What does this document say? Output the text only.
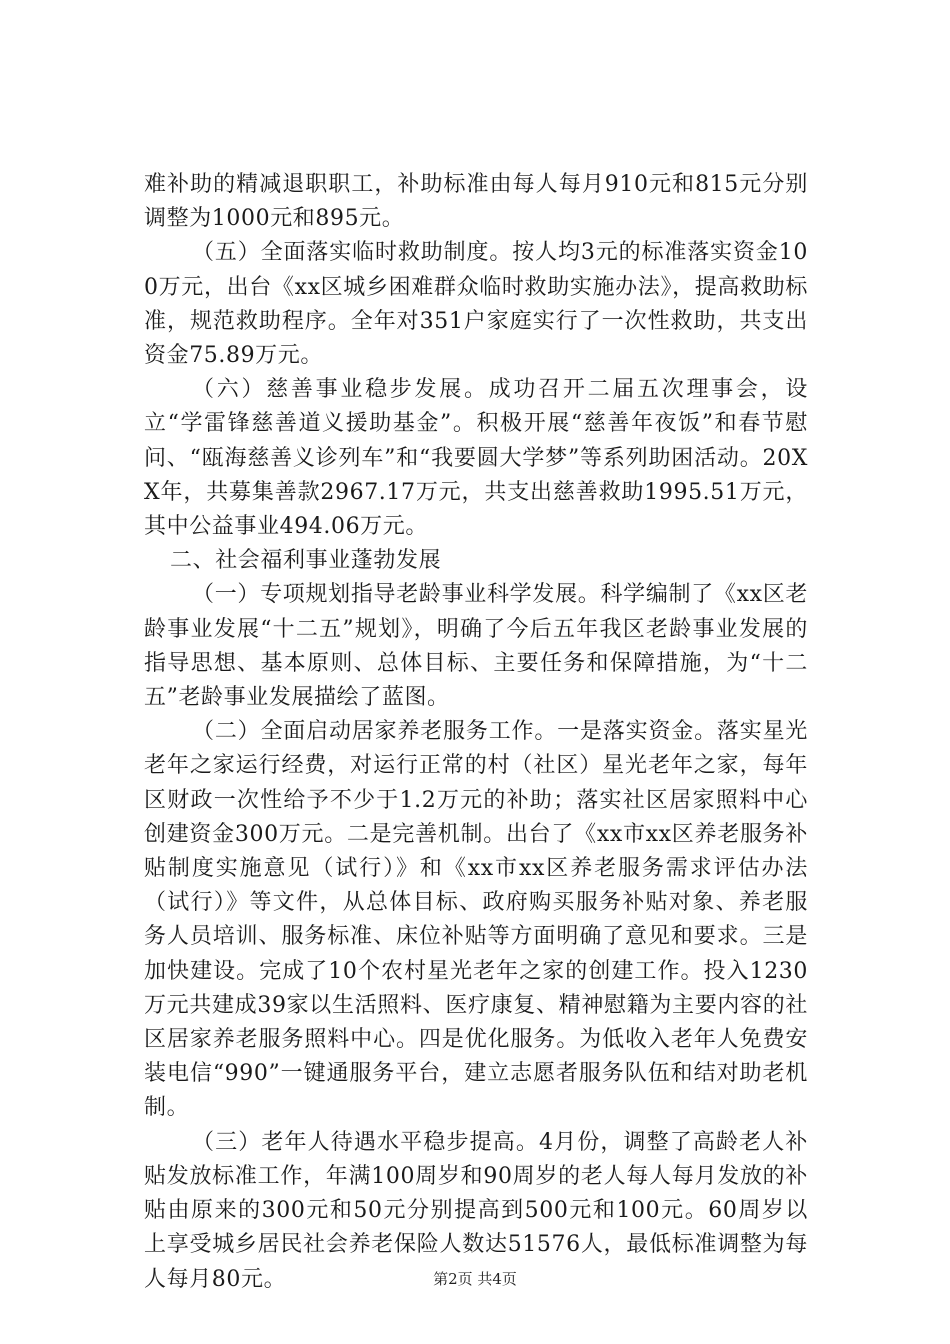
难补助的精减退职职工，补助标准由每人每月910元和815元分别调整为1000元和895元。

（五）全面落实临时救助制度。按人均3元的标准落实资金100万元，出台《xx区城乡困难群众临时救助实施办法》，提高救助标准，规范救助程序。全年对351户家庭实行了一次性救助，共支出资金75.89万元。

（六）慈善事业稳步发展。成功召开二届五次理事会，设立“学雷锋慈善道义援助基金”。积极开展“慈善年夜饭”和春节慰问、“瓯海慈善义诊列车”和“我要圆大学梦”等系列助困活动。20XX年，共募集善款2967.17万元，共支出慈善救助1995.51万元，其中公益事业494.06万元。

二、社会福利事业蓬勃发展

（一）专项规划指导老龄事业科学发展。科学编制了《xx区老龄事业发展“十二五”规划》，明确了今后五年我区老龄事业发展的指导思想、基本原则、总体目标、主要任务和保障措施，为“十二五”老龄事业发展描绘了蓝图。

（二）全面启动居家养老服务工作。一是落实资金。落实星光老年之家运行经费，对运行正常的村（社区）星光老年之家，每年区财政一次性给予不少于1.2万元的补助；落实社区居家照料中心创建资金300万元。二是完善机制。出台了《xx市xx区养老服务补贴制度实施意见（试行）》和《xx市xx区养老服务需求评估办法（试行）》等文件，从总体目标、政府购买服务补贴对象、养老服务人员培训、服务标准、床位补贴等方面明确了意见和要求。三是加快建设。完成了10个农村星光老年之家的创建工作。投入1230万元共建成39家以生活照料、医疗康复、精神慰籍为主要内容的社区居家养老服务照料中心。四是优化服务。为低收入老年人免费安装电信“990”一键通服务平台，建立志愿者服务队伍和结对助老机制。

（三）老年人待遇水平稳步提高。4月份，调整了高龄老人补贴发放标准工作，年满100周岁和90周岁的老人每人每月发放的补贴由原来的300元和50元分别提高到500元和100元。60周岁以上享受城乡居民社会养老保险人数达51576人，最低标准调整为每人每月80元。	第2页 共4页
